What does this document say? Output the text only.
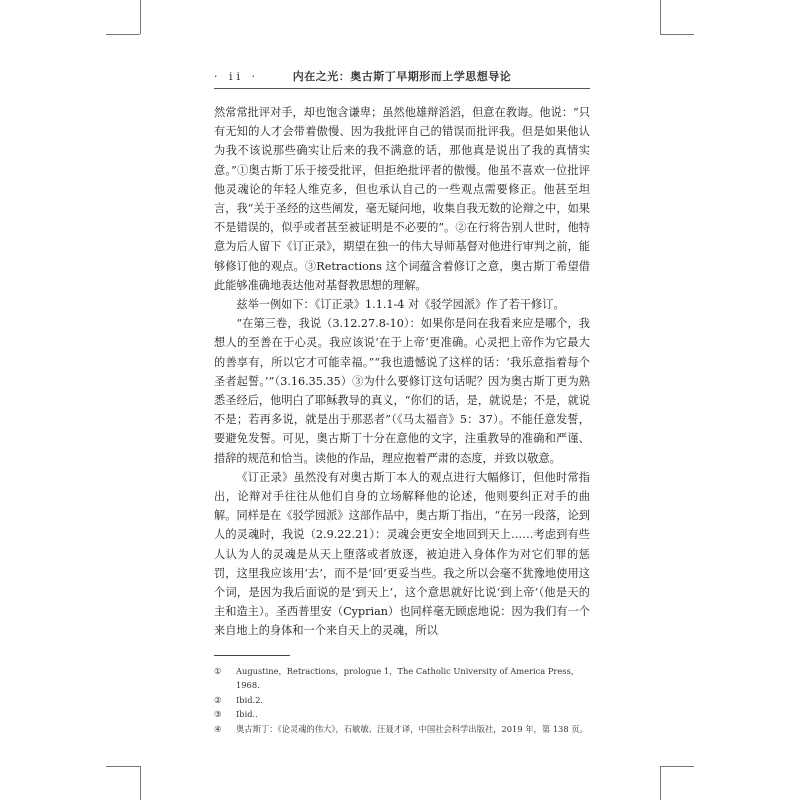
· ii ·	内在之光：奥古斯丁早期形而上学思想导论

然常常批评对手，却也饱含谦卑；虽然他雄辩滔滔，但意在教诲。他说：“只有无知的人才会带着傲慢、因为我批评自己的错误而批评我。但是如果他认为我不该说那些确实让后来的我不满意的话，那他真是说出了我的真情实意。”①奥古斯丁乐于接受批评，但拒绝批评者的傲慢。他虽不喜欢一位批评他灵魂论的年轻人维克多，但也承认自己的一些观点需要修正。他甚至坦言，我“关于圣经的这些阐发，毫无疑问地，收集自我无数的论辩之中，如果不是错误的，似乎或者甚至被证明是不必要的”。②在行将告别人世时，他特意为后人留下《订正录》，期望在独一的伟大导师基督对他进行审判之前，能够修订他的观点。③Retractions 这个词蕴含着修订之意，奥古斯丁希望借此能够准确地表达他对基督教思想的理解。

兹举一例如下：《订正录》1.1.1-4 对《驳学园派》作了若干修订。

“在第三卷，我说（3.12.27.8-10）：如果你是问在我看来应是哪个，我想人的至善在于心灵。我应该说‘在于上帝’更准确。心灵把上帝作为它最大的善享有，所以它才可能幸福。”“我也遗憾说了这样的话：‘我乐意指着每个圣者起誓。’”（3.16.35.35）③为什么要修订这句话呢？因为奥古斯丁更为熟悉圣经后，他明白了耶稣教导的真义，“你们的话，是，就说是；不是，就说不是；若再多说，就是出于那恶者”（《马太福音》5：37）。不能任意发誓，要避免发誓。可见，奥古斯丁十分在意他的文字，注重教导的准确和严谨、措辞的规范和恰当。读他的作品，理应抱着严肃的态度，并致以敬意。

《订正录》虽然没有对奥古斯丁本人的观点进行大幅修订，但他时常指出，论辩对手往往从他们自身的立场解释他的论述，他则要纠正对手的曲解。同样是在《驳学园派》这部作品中，奥古斯丁指出，“在另一段落，论到人的灵魂时，我说（2.9.22.21）：灵魂会更安全地回到天上……考虑到有些人认为人的灵魂是从天上堕落或者放逐，被迫进入身体作为对它们罪的惩罚，这里我应该用‘去’，而不是‘回’更妥当些。我之所以会毫不犹豫地使用这个词，是因为我后面说的是‘到天上’，这个意思就好比说‘到上帝’（他是天的主和造主）。圣西普里安（Cyprian）也同样毫无顾虑地说：因为我们有一个来自地上的身体和一个来自天上的灵魂，所以

①	Augustine，Retractions，prologue 1，The Catholic University of America Press，1968.
②	Ibid.2.
③	Ibid..
④	奥古斯丁：《论灵魂的伟大》，石敏敏、汪聂才译，中国社会科学出版社，2019 年，第 138 页。
